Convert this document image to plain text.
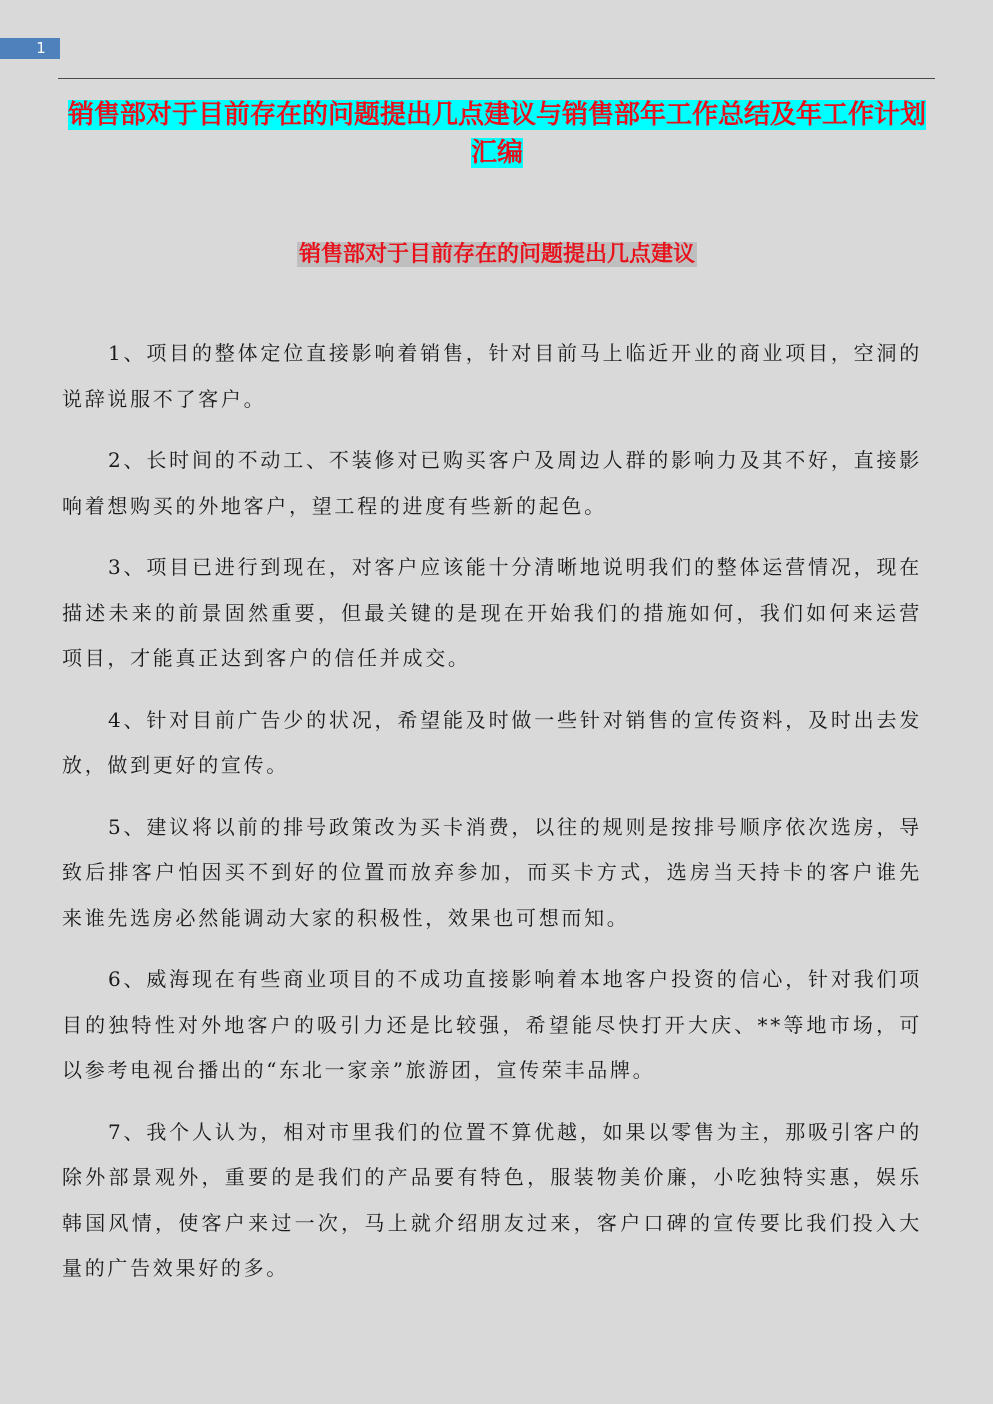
1
销售部对于目前存在的问题提出几点建议与销售部年工作总结及年工作计划汇编
销售部对于目前存在的问题提出几点建议

1、项目的整体定位直接影响着销售，针对目前马上临近开业的商业项目，空洞的说辞说服不了客户。

2、长时间的不动工、不装修对已购买客户及周边人群的影响力及其不好，直接影响着想购买的外地客户，望工程的进度有些新的起色。

3、项目已进行到现在，对客户应该能十分清晰地说明我们的整体运营情况，现在描述未来的前景固然重要，但最关键的是现在开始我们的措施如何，我们如何来运营项目，才能真正达到客户的信任并成交。

4、针对目前广告少的状况，希望能及时做一些针对销售的宣传资料，及时出去发放，做到更好的宣传。

5、建议将以前的排号政策改为买卡消费，以往的规则是按排号顺序依次选房，导致后排客户怕因买不到好的位置而放弃参加，而买卡方式，选房当天持卡的客户谁先来谁先选房必然能调动大家的积极性，效果也可想而知。

6、威海现在有些商业项目的不成功直接影响着本地客户投资的信心，针对我们项目的独特性对外地客户的吸引力还是比较强，希望能尽快打开大庆、**等地市场，可以参考电视台播出的“东北一家亲”旅游团，宣传荣丰品牌。

7、我个人认为，相对市里我们的位置不算优越，如果以零售为主，那吸引客户的除外部景观外，重要的是我们的产品要有特色，服装物美价廉，小吃独特实惠，娱乐韩国风情，使客户来过一次，马上就介绍朋友过来，客户口碑的宣传要比我们投入大量的广告效果好的多。
